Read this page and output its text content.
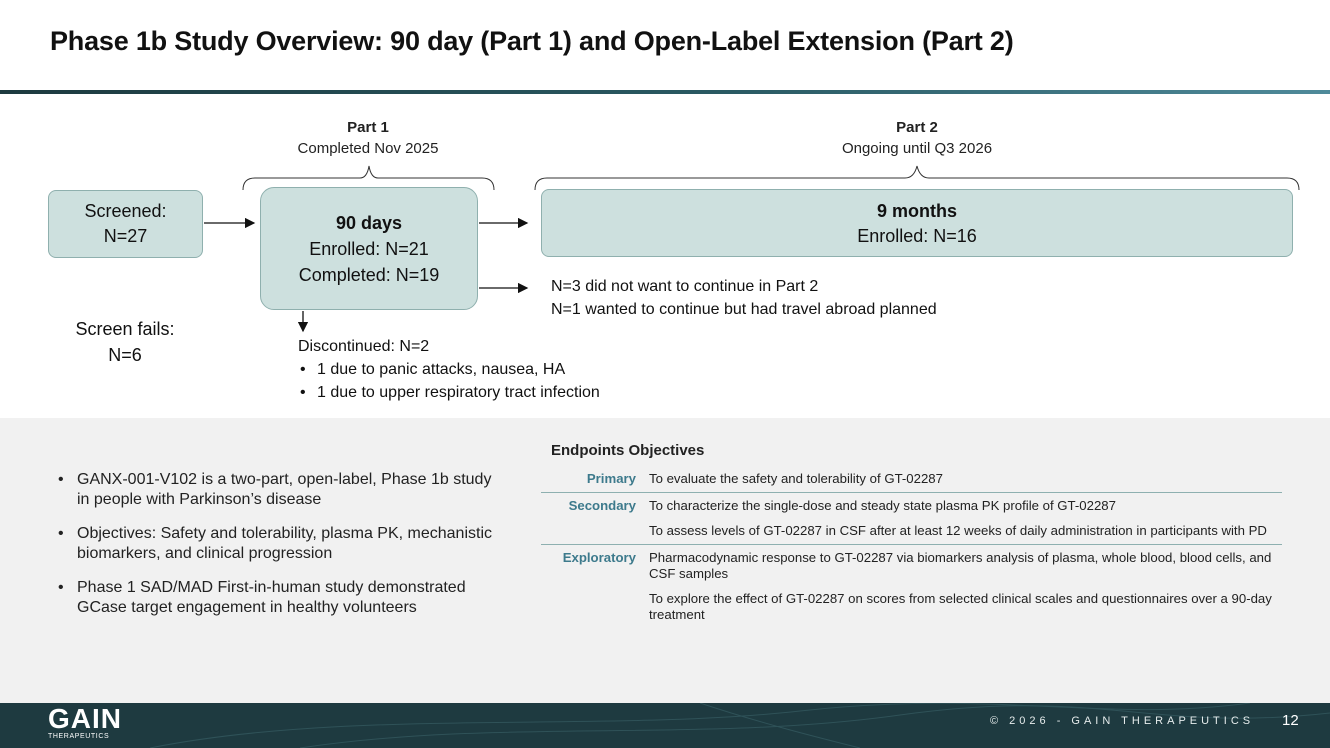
Phase 1b Study Overview: 90 day (Part 1) and Open-Label Extension (Part 2)
Part 1
Completed Nov 2025
Part 2
Ongoing until Q3 2026
Screened:
N=27
90 days
Enrolled: N=21
Completed: N=19
9 months
Enrolled: N=16
Screen fails:
N=6
N=3 did not want to continue in Part 2
N=1 wanted to continue but had travel abroad planned
Discontinued: N=2
• 1 due to panic attacks, nausea, HA
• 1 due to upper respiratory tract infection
• GANX-001-V102 is a two-part, open-label, Phase 1b study in people with Parkinson’s disease
• Objectives: Safety and tolerability, plasma PK, mechanistic biomarkers, and clinical progression
• Phase 1 SAD/MAD First-in-human study demonstrated GCase target engagement in healthy volunteers
Endpoints Objectives
Primary To evaluate the safety and tolerability of GT-02287

Secondary To characterize the single-dose and steady state plasma PK profile of GT-02287

To assess levels of GT-02287 in CSF after at least 12 weeks of daily administration in participants with PD

Exploratory Pharmacodynamic response to GT-02287 via biomarkers analysis of plasma, whole blood, blood cells, and CSF samples

To explore the effect of GT-02287 on scores from selected clinical scales and questionnaires over a 90-day treatment

GAIN
THERAPEUTICS
© 2026 - GAIN THERAPEUTICS 12
